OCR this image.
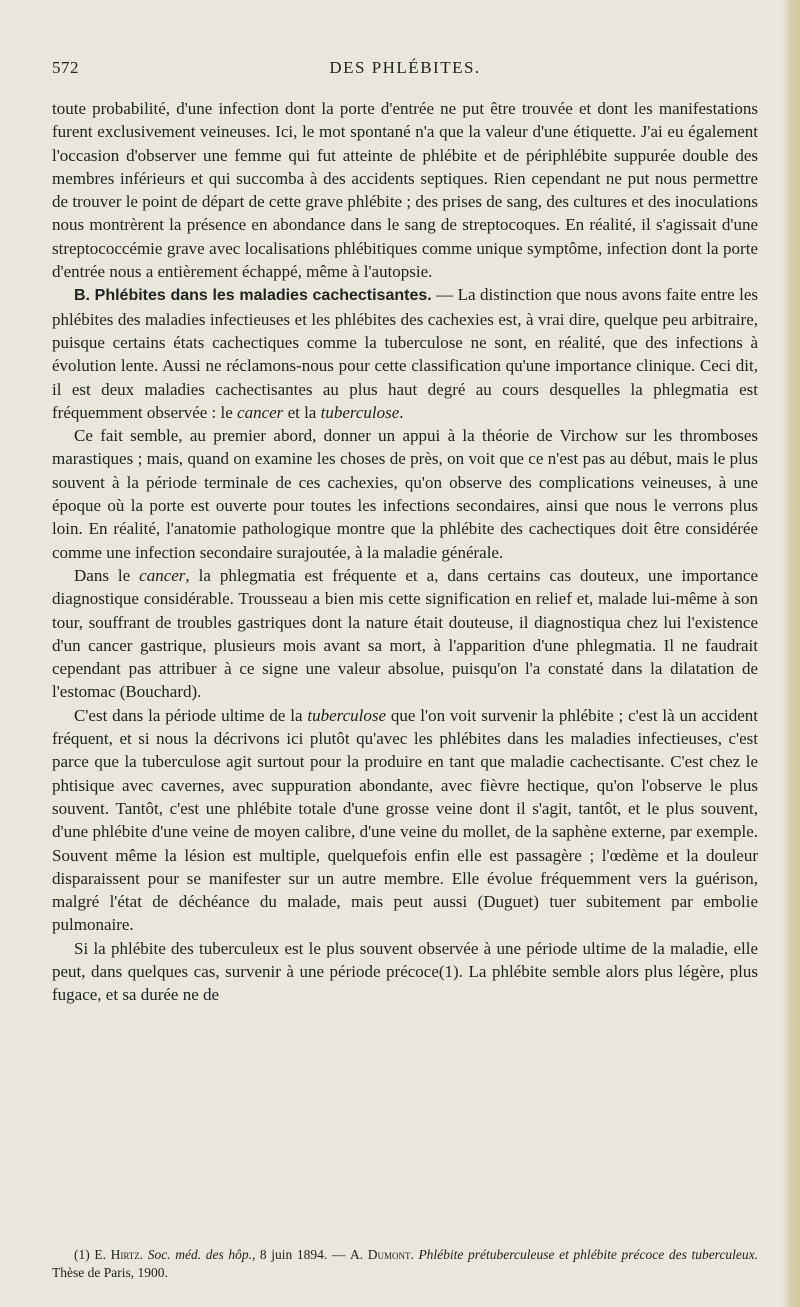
572	DES PHLÉBITES.

toute probabilité, d'une infection dont la porte d'entrée ne put être trouvée et dont les manifestations furent exclusivement veineuses. Ici, le mot spontané n'a que la valeur d'une étiquette. J'ai eu également l'occasion d'observer une femme qui fut atteinte de phlébite et de périphlébite suppurée double des membres inférieurs et qui succomba à des accidents septiques. Rien cependant ne put nous permettre de trouver le point de départ de cette grave phlébite ; des prises de sang, des cultures et des inoculations nous montrèrent la présence en abondance dans le sang de streptocoques. En réalité, il s'agissait d'une streptococcémie grave avec localisations phlébitiques comme unique symptôme, infection dont la porte d'entrée nous a entièrement échappé, même à l'autopsie.

B. Phlébites dans les maladies cachectisantes. — La distinction que nous avons faite entre les phlébites des maladies infectieuses et les phlébites des cachexies est, à vrai dire, quelque peu arbitraire, puisque certains états cachectiques comme la tuberculose ne sont, en réalité, que des infections à évolution lente. Aussi ne réclamons-nous pour cette classification qu'une importance clinique. Ceci dit, il est deux maladies cachectisantes au plus haut degré au cours desquelles la phlegmatia est fréquemment observée : le cancer et la tuberculose.

Ce fait semble, au premier abord, donner un appui à la théorie de Virchow sur les thromboses marastiques ; mais, quand on examine les choses de près, on voit que ce n'est pas au début, mais le plus souvent à la période terminale de ces cachexies, qu'on observe des complications veineuses, à une époque où la porte est ouverte pour toutes les infections secondaires, ainsi que nous le verrons plus loin. En réalité, l'anatomie pathologique montre que la phlébite des cachectiques doit être considérée comme une infection secondaire surajoutée, à la maladie générale.

Dans le cancer, la phlegmatia est fréquente et a, dans certains cas douteux, une importance diagnostique considérable. Trousseau a bien mis cette signification en relief et, malade lui-même à son tour, souffrant de troubles gastriques dont la nature était douteuse, il diagnostiqua chez lui l'existence d'un cancer gastrique, plusieurs mois avant sa mort, à l'apparition d'une phlegmatia. Il ne faudrait cependant pas attribuer à ce signe une valeur absolue, puisqu'on l'a constaté dans la dilatation de l'estomac (Bouchard).

C'est dans la période ultime de la tuberculose que l'on voit survenir la phlébite ; c'est là un accident fréquent, et si nous la décrivons ici plutôt qu'avec les phlébites dans les maladies infectieuses, c'est parce que la tuberculose agit surtout pour la produire en tant que maladie cachectisante. C'est chez le phtisique avec cavernes, avec suppuration abondante, avec fièvre hectique, qu'on l'observe le plus souvent. Tantôt, c'est une phlébite totale d'une grosse veine dont il s'agit, tantôt, et le plus souvent, d'une phlébite d'une veine de moyen calibre, d'une veine du mollet, de la saphène externe, par exemple. Souvent même la lésion est multiple, quelquefois enfin elle est passagère ; l'œdème et la douleur disparaissent pour se manifester sur un autre membre. Elle évolue fréquemment vers la guérison, malgré l'état de déchéance du malade, mais peut aussi (Duguet) tuer subitement par embolie pulmonaire.

Si la phlébite des tuberculeux est le plus souvent observée à une période ultime de la maladie, elle peut, dans quelques cas, survenir à une période précoce(1). La phlébite semble alors plus légère, plus fugace, et sa durée ne de

(1) E. Hirtz. Soc. méd. des hôp., 8 juin 1894. — A. Dumont. Phlébite prétuberculeuse et phlébite précoce des tuberculeux. Thèse de Paris, 1900.
